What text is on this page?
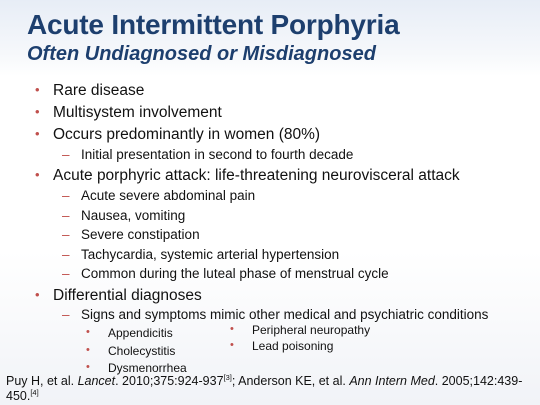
Acute Intermittent Porphyria
Often Undiagnosed or Misdiagnosed
• Rare disease
• Multisystem involvement
• Occurs predominantly in women (80%)
– Initial presentation in second to fourth decade
• Acute porphyric attack: life-threatening neurovisceral attack
– Acute severe abdominal pain
– Nausea, vomiting
– Severe constipation
– Tachycardia, systemic arterial hypertension
– Common during the luteal phase of menstrual cycle
• Differential diagnoses
– Signs and symptoms mimic other medical and psychiatric conditions
• Appendicitis
• Cholecystitis
• Dysmenorrhea
• Peripheral neuropathy
• Lead poisoning
Puy H, et al. Lancet. 2010;375:924-937[3]; Anderson KE, et al. Ann Intern Med. 2005;142:439-450.[4]
